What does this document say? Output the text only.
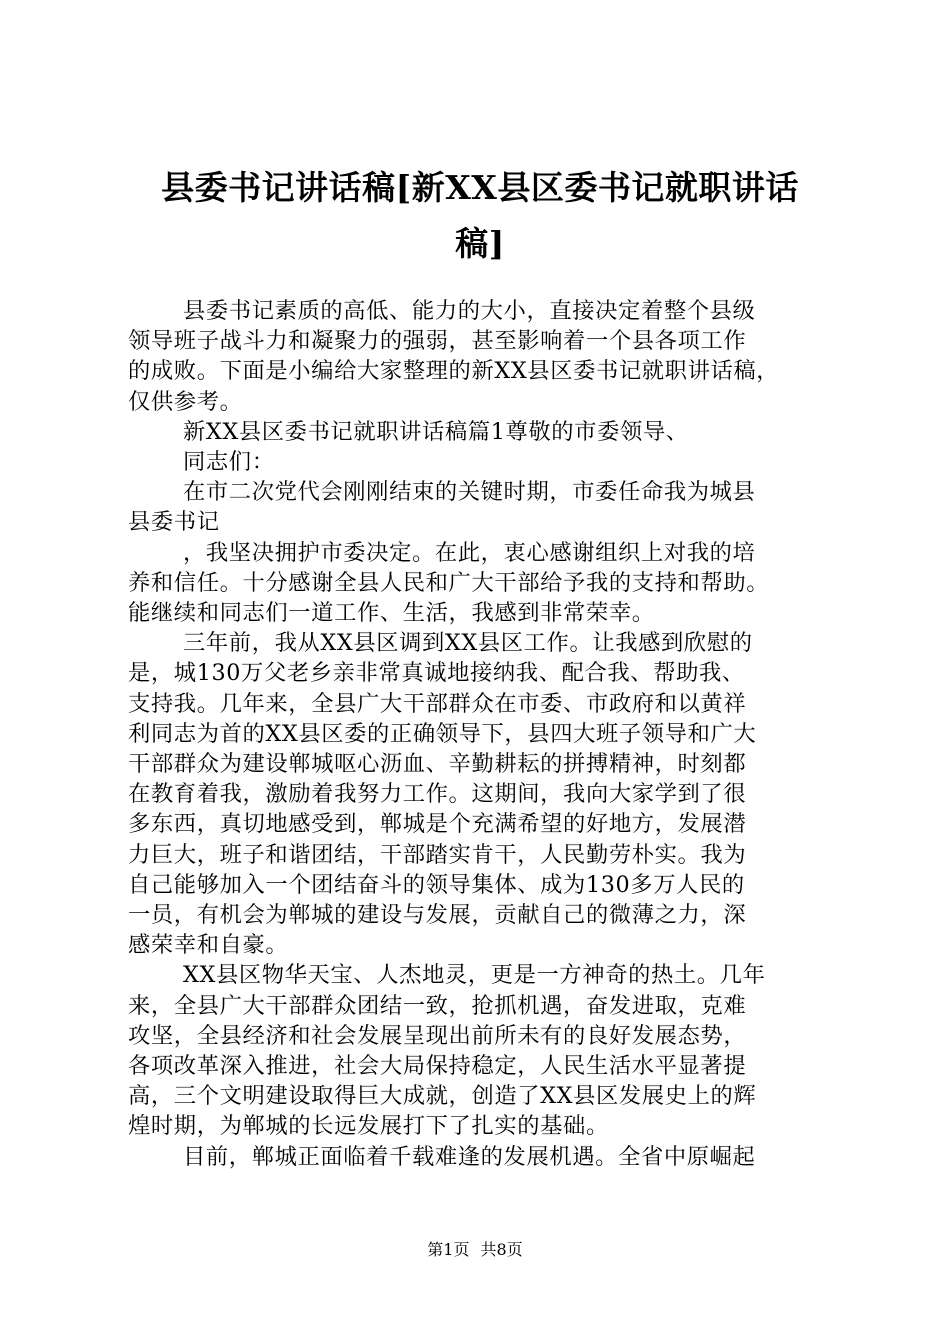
县委书记讲话稿[新XX县区委书记就职讲话
稿]

县委书记素质的高低、能力的大小，直接决定着整个县级
领导班子战斗力和凝聚力的强弱，甚至影响着一个县各项工作
的成败。下面是小编给大家整理的新XX县区委书记就职讲话稿，
仅供参考。

新XX县区委书记就职讲话稿篇1尊敬的市委领导、

同志们：

在市二次党代会刚刚结束的关键时期，市委任命我为城县
县委书记

，我坚决拥护市委决定。在此，衷心感谢组织上对我的培
养和信任。十分感谢全县人民和广大干部给予我的支持和帮助。
能继续和同志们一道工作、生活，我感到非常荣幸。

三年前，我从XX县区调到XX县区工作。让我感到欣慰的
是，城130万父老乡亲非常真诚地接纳我、配合我、帮助我、
支持我。几年来，全县广大干部群众在市委、市政府和以黄祥
利同志为首的XX县区委的正确领导下，县四大班子领导和广大
干部群众为建设郸城呕心沥血、辛勤耕耘的拼搏精神，时刻都
在教育着我，激励着我努力工作。这期间，我向大家学到了很
多东西，真切地感受到，郸城是个充满希望的好地方，发展潜
力巨大，班子和谐团结，干部踏实肯干，人民勤劳朴实。我为
自己能够加入一个团结奋斗的领导集体、成为130多万人民的
一员，有机会为郸城的建设与发展，贡献自己的微薄之力，深
感荣幸和自豪。

XX县区物华天宝、人杰地灵，更是一方神奇的热土。几年
来，全县广大干部群众团结一致，抢抓机遇，奋发进取，克难
攻坚，全县经济和社会发展呈现出前所未有的良好发展态势，
各项改革深入推进，社会大局保持稳定，人民生活水平显著提
高，三个文明建设取得巨大成就，创造了XX县区发展史上的辉
煌时期，为郸城的长远发展打下了扎实的基础。

目前，郸城正面临着千载难逢的发展机遇。全省中原崛起

第1页 共8页
